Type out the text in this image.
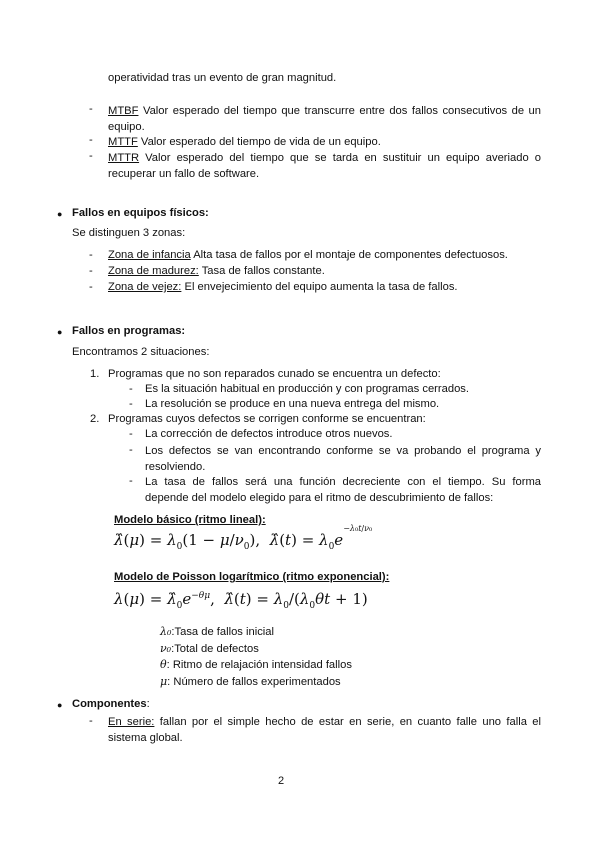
operatividad tras un evento de gran magnitud.

- MTBF Valor esperado del tiempo que transcurre entre dos fallos consecutivos de un equipo.

- MTTF Valor esperado del tiempo de vida de un equipo.

- MTTR Valor esperado del tiempo que se tarda en sustituir un equipo averiado o recuperar un fallo de software.

● Fallos en equipos físicos:

Se distinguen 3 zonas:

- Zona de infancia Alta tasa de fallos por el montaje de componentes defectuosos.

- Zona de madurez: Tasa de fallos constante.

- Zona de vejez: El envejecimiento del equipo aumenta la tasa de fallos.

● Fallos en programas:

Encontramos 2 situaciones:

1. Programas que no son reparados cunado se encuentra un defecto:

- Es la situación habitual en producción y con programas cerrados.

- La resolución se produce en una nueva entrega del mismo.

2. Programas cuyos defectos se corrigen conforme se encuentran:

- La corrección de defectos introduce otros nuevos.

- Los defectos se van encontrando conforme se va probando el programa y resolviendo.

- La tasa de fallos será una función decreciente con el tiempo. Su forma depende del modelo elegido para el ritmo de descubrimiento de fallos:

Modelo básico (ritmo lineal):

λ̂(μ) = $\lambda_0(1 - \mu/\nu_0)$,  λ̂(t) = $\lambda_0e^{-\lambda_0t/\nu_0}$

Modelo de Poisson logarítmico (ritmo exponencial):

$\lambda(\mu) = \lambdâ_0e^{-\theta\mu}$,  λ̂(t) = $\lambda_0/(\lambda_0\theta t + 1)$

λ₀:Tasa de fallos inicial

ν₀:Total de defectos

θ: Ritmo de relajación intensidad fallos

μ: Número de fallos experimentados

● Componentes:

- En serie: fallan por el simple hecho de estar en serie, en cuanto falle uno falla el sistema global.

2
